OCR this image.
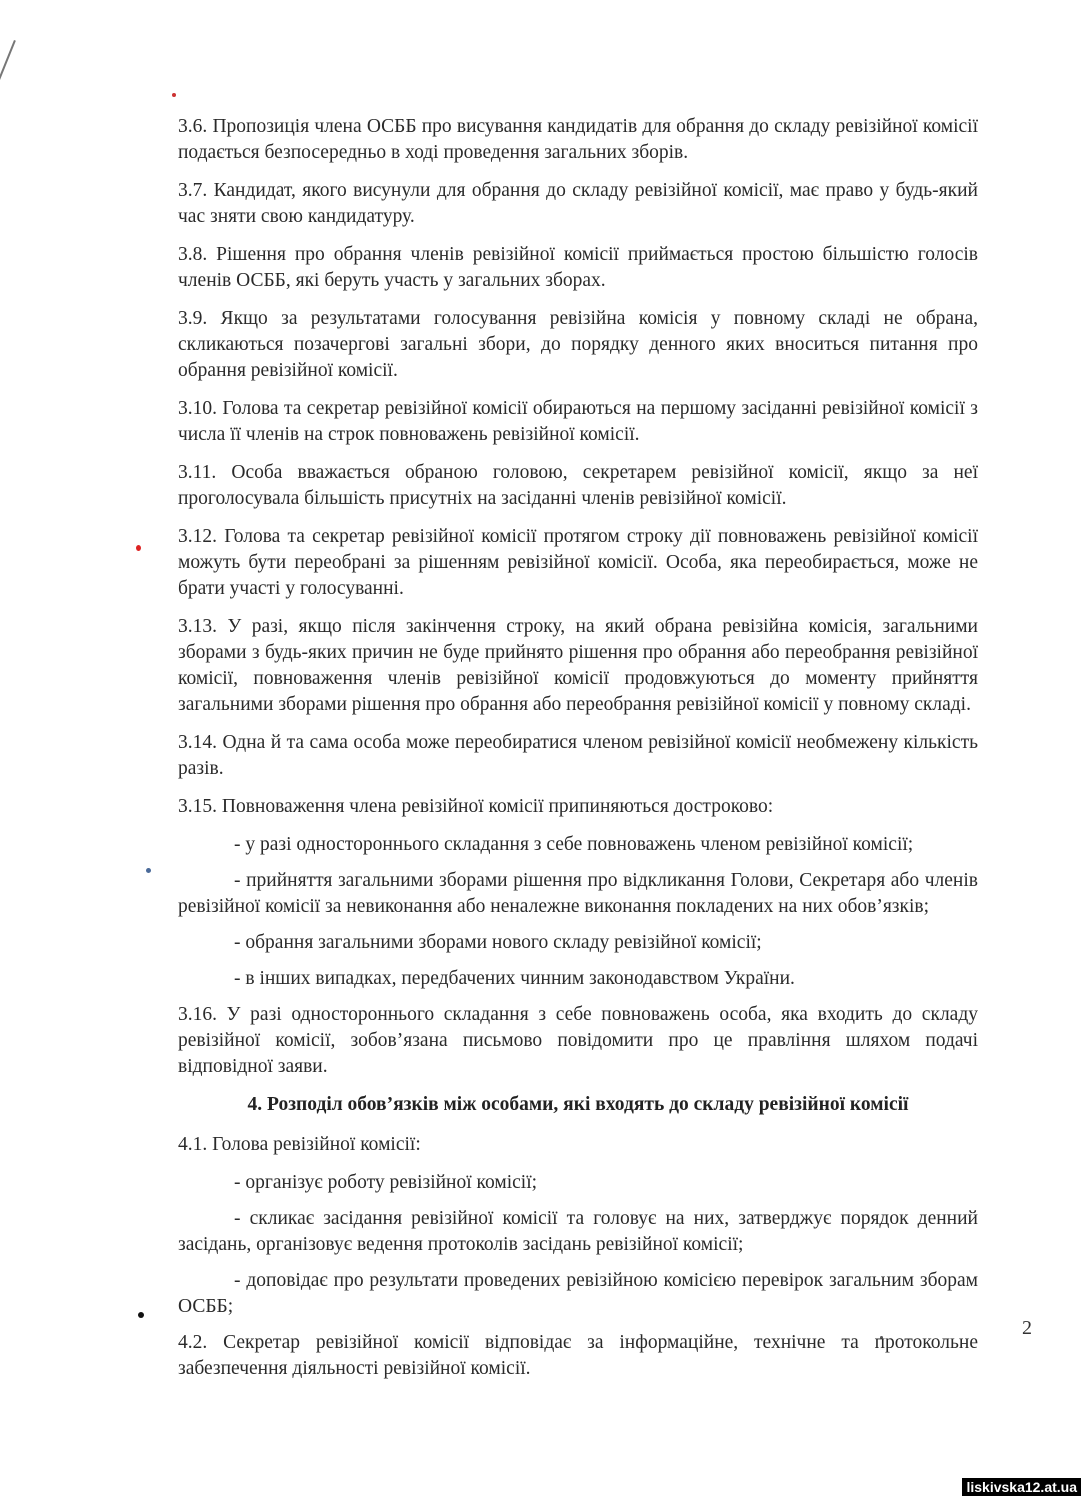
3.6. Пропозиція члена ОСББ про висування кандидатів для обрання до складу ревізійної комісії подається безпосередньо в ході проведення загальних зборів.

3.7. Кандидат, якого висунули для обрання до складу ревізійної комісії, має право у будь-який час зняти свою кандидатуру.

3.8. Рішення про обрання членів ревізійної комісії приймається простою більшістю голосів членів ОСББ, які беруть участь у загальних зборах.

3.9. Якщо за результатами голосування ревізійна комісія у повному складі не обрана, скликаються позачергові загальні збори, до порядку денного яких вноситься питання про обрання ревізійної комісії.

3.10. Голова та секретар ревізійної комісії обираються на першому засіданні ревізійної комісії з числа її членів на строк повноважень ревізійної комісії.

3.11. Особа вважається обраною головою, секретарем ревізійної комісії, якщо за неї проголосувала більшість присутніх на засіданні членів ревізійної комісії.

3.12. Голова та секретар ревізійної комісії протягом строку дії повноважень ревізійної комісії можуть бути переобрані за рішенням ревізійної комісії. Особа, яка переобирається, може не брати участі у голосуванні.

3.13. У разі, якщо після закінчення строку, на який обрана ревізійна комісія, загальними зборами з будь-яких причин не буде прийнято рішення про обрання або переобрання ревізійної комісії, повноваження членів ревізійної комісії продовжуються до моменту прийняття загальними зборами рішення про обрання або переобрання ревізійної комісії у повному складі.

3.14. Одна й та сама особа може переобиратися членом ревізійної комісії необмежену кількість разів.

3.15. Повноваження члена ревізійної комісії припиняються достроково:

- у разі одностороннього складання з себе повноважень членом ревізійної комісії;

- прийняття загальними зборами рішення про відкликання Голови, Секретаря або членів ревізійної комісії за невиконання або неналежне виконання покладених на них обов’язків;

- обрання загальними зборами нового складу ревізійної комісії;

- в інших випадках, передбачених чинним законодавством України.

3.16. У разі одностороннього складання з себе повноважень особа, яка входить до складу ревізійної комісії, зобов’язана письмово повідомити про це правління шляхом подачі відповідної заяви.

4. Розподіл обов’язків між особами, які входять до складу ревізійної комісії

4.1. Голова ревізійної комісії:

- організує роботу ревізійної комісії;

- скликає засідання ревізійної комісії та головує на них, затверджує порядок денний засідань, організовує ведення протоколів засідань ревізійної комісії;

- доповідає про результати проведених ревізійною комісією перевірок загальним зборам ОСББ;

4.2. Секретар ревізійної комісії відповідає за інформаційне, технічне та протокольне забезпечення діяльності ревізійної комісії.

2
liskivska12.at.ua
